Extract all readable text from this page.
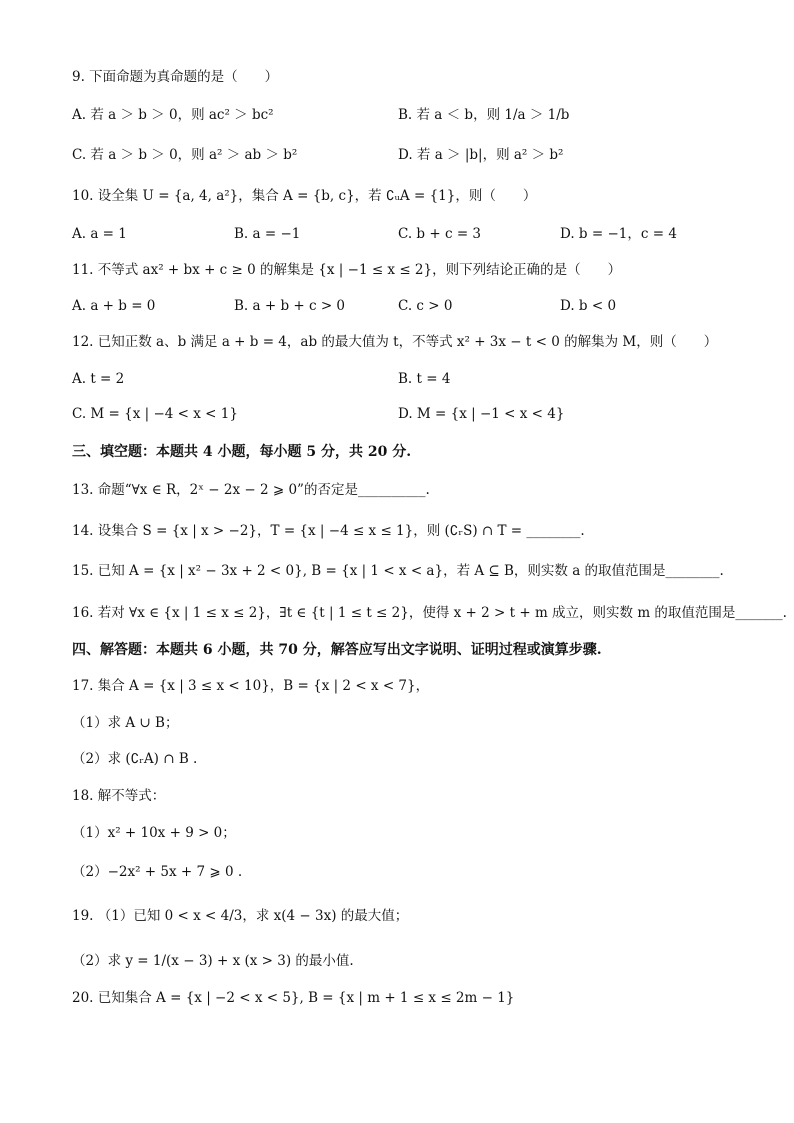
9. 下面命题为真命题的是（　　）
A. 若 a ＞ b ＞ 0，则 ac² ＞ bc²	B. 若 a ＜ b，则 1/a ＞ 1/b
C. 若 a ＞ b ＞ 0，则 a² ＞ ab ＞ b²	D. 若 a ＞ |b|，则 a² ＞ b²
10. 设全集 U = {a, 4, a²}，集合 A = {b, c}，若 ∁ᵤA = {1}，则（　　）
A. a = 1	B. a = −1	C. b + c = 3	D. b = −1，c = 4
11. 不等式 ax² + bx + c ≥ 0 的解集是 {x | −1 ≤ x ≤ 2}，则下列结论正确的是（　　）
A. a + b = 0	B. a + b + c > 0	C. c > 0	D. b < 0
12. 已知正数 a、b 满足 a + b = 4，ab 的最大值为 t，不等式 x² + 3x − t < 0 的解集为 M，则（　　）
A. t = 2	B. t = 4
C. M = {x | −4 < x < 1}	D. M = {x | −1 < x < 4}
三、填空题：本题共 4 小题，每小题 5 分，共 20 分.
13. 命题“∀x ∈ R，2ˣ − 2x − 2 ⩾ 0”的否定是__________.
14. 设集合 S = {x | x > −2}，T = {x | −4 ≤ x ≤ 1}，则 (∁ᵣS) ∩ T = ________.
15. 已知 A = {x | x² − 3x + 2 < 0}, B = {x | 1 < x < a}，若 A ⊆ B，则实数 a 的取值范围是________.
16. 若对 ∀x ∈ {x | 1 ≤ x ≤ 2}，∃t ∈ {t | 1 ≤ t ≤ 2}，使得 x + 2 > t + m 成立，则实数 m 的取值范围是_______.
四、解答题：本题共 6 小题，共 70 分，解答应写出文字说明、证明过程或演算步骤.
17. 集合 A = {x | 3 ≤ x < 10}，B = {x | 2 < x < 7}，
（1）求 A ∪ B；
（2）求 (∁ᵣA) ∩ B .
18. 解不等式：
（1）x² + 10x + 9 > 0；
（2）−2x² + 5x + 7 ⩾ 0 .
19. （1）已知 0 < x < 4/3，求 x(4 − 3x) 的最大值；
（2）求 y = 1/(x − 3) + x (x > 3) 的最小值.
20. 已知集合 A = {x | −2 < x < 5}, B = {x | m + 1 ≤ x ≤ 2m − 1}
